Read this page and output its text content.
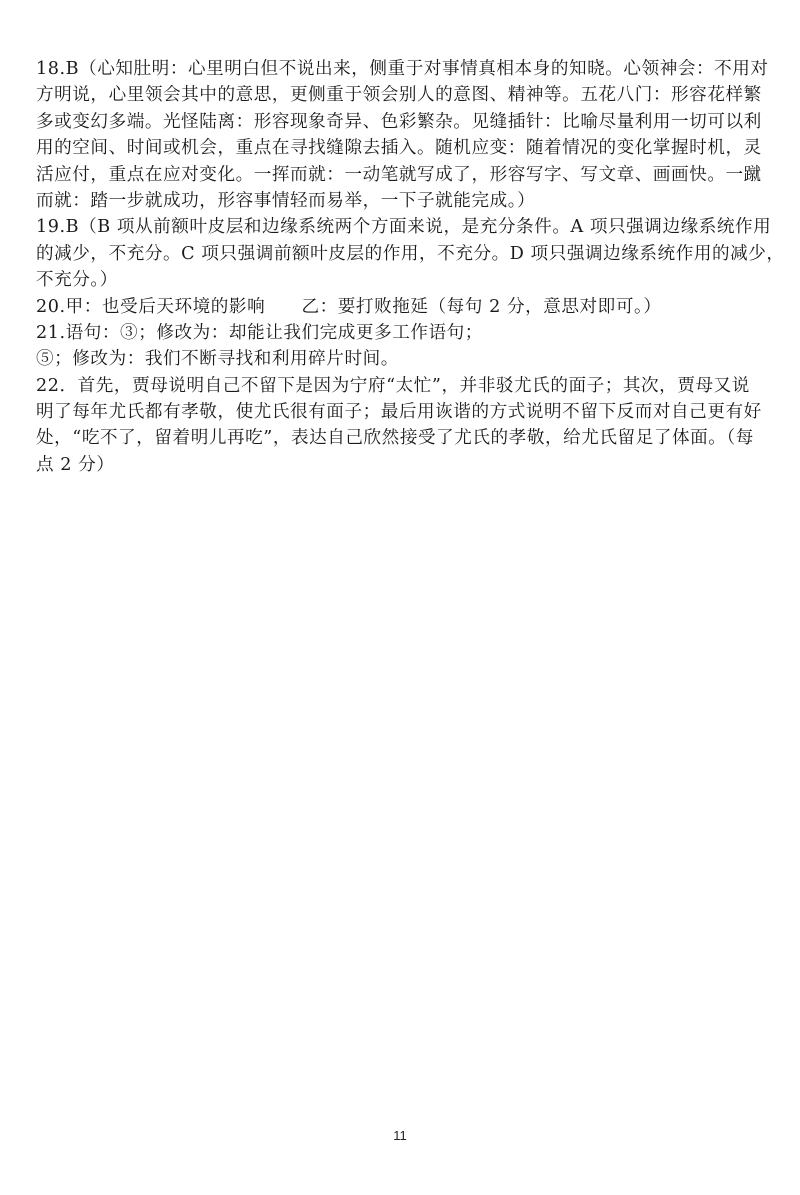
18.B（心知肚明：心里明白但不说出来，侧重于对事情真相本身的知晓。心领神会：不用对

方明说，心里领会其中的意思，更侧重于领会别人的意图、精神等。五花八门：形容花样繁

多或变幻多端。光怪陆离：形容现象奇异、色彩繁杂。见缝插针：比喻尽量利用一切可以利

用的空间、时间或机会，重点在寻找缝隙去插入。随机应变：随着情况的变化掌握时机，灵

活应付，重点在应对变化。一挥而就：一动笔就写成了，形容写字、写文章、画画快。一蹴

而就：踏一步就成功，形容事情轻而易举，一下子就能完成。）

19.B（B 项从前额叶皮层和边缘系统两个方面来说，是充分条件。A 项只强调边缘系统作用

的减少，不充分。C 项只强调前额叶皮层的作用，不充分。D 项只强调边缘系统作用的减少，

不充分。）

20.甲：也受后天环境的影响　　乙：要打败拖延（每句 2 分，意思对即可。）

21.语句：③；修改为：却能让我们完成更多工作语句；

⑤；修改为：我们不断寻找和利用碎片时间。

22．首先，贾母说明自己不留下是因为宁府“太忙”，并非驳尤氏的面子；其次，贾母又说

明了每年尤氏都有孝敬，使尤氏很有面子；最后用诙谐的方式说明不留下反而对自己更有好

处，“吃不了，留着明儿再吃”，表达自己欣然接受了尤氏的孝敬，给尤氏留足了体面。（每

点 2 分）

11
